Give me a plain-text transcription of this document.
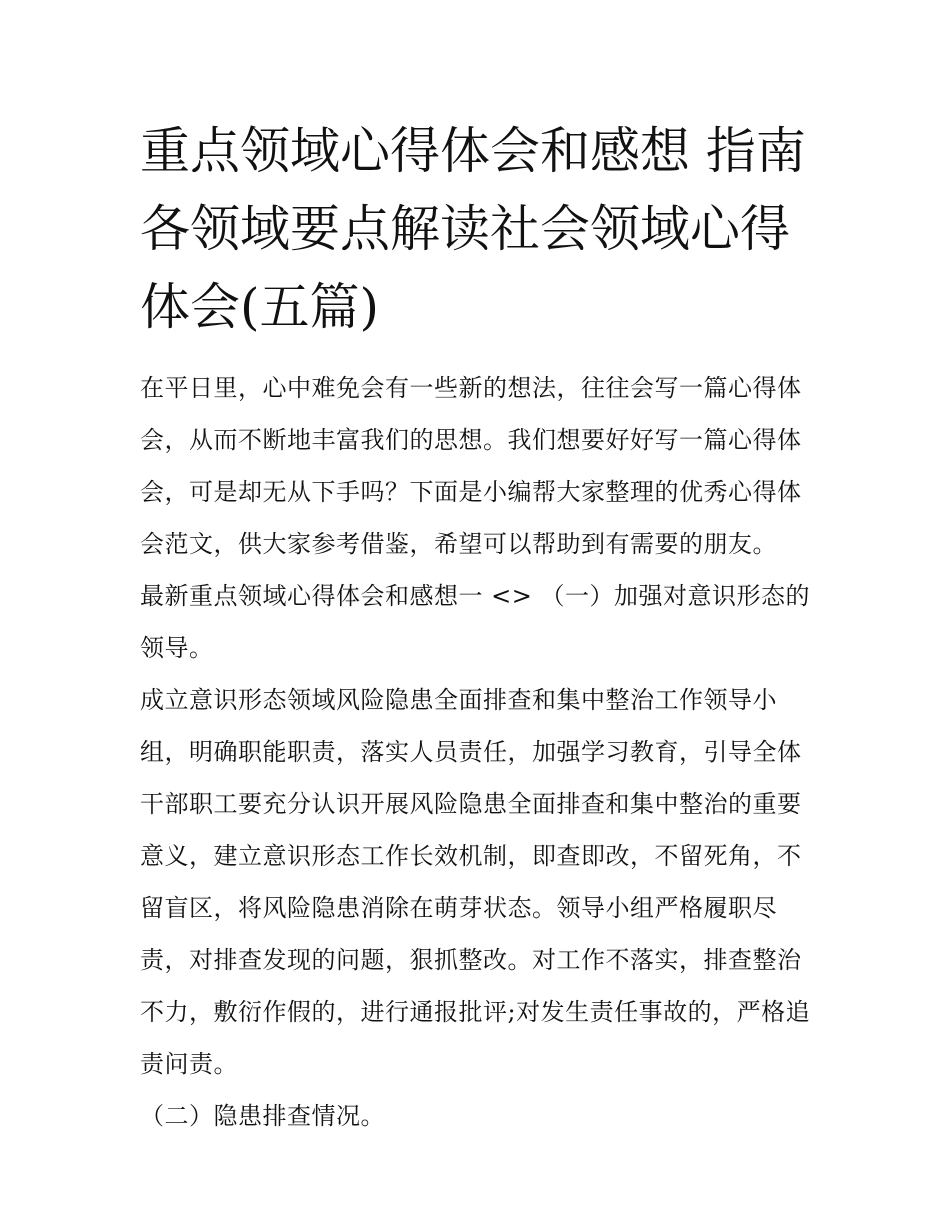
重点领域心得体会和感想 指南各领域要点解读社会领域心得体会(五篇)

在平日里，心中难免会有一些新的想法，往往会写一篇心得体会，从而不断地丰富我们的思想。我们想要好好写一篇心得体会，可是却无从下手吗？下面是小编帮大家整理的优秀心得体会范文，供大家参考借鉴，希望可以帮助到有需要的朋友。

最新重点领域心得体会和感想一 <> （一）加强对意识形态的领导。

成立意识形态领域风险隐患全面排查和集中整治工作领导小组，明确职能职责，落实人员责任，加强学习教育，引导全体干部职工要充分认识开展风险隐患全面排查和集中整治的重要意义，建立意识形态工作长效机制，即查即改，不留死角，不留盲区，将风险隐患消除在萌芽状态。领导小组严格履职尽责，对排查发现的问题，狠抓整改。对工作不落实，排查整治不力，敷衍作假的，进行通报批评;对发生责任事故的，严格追责问责。

（二）隐患排查情况。
